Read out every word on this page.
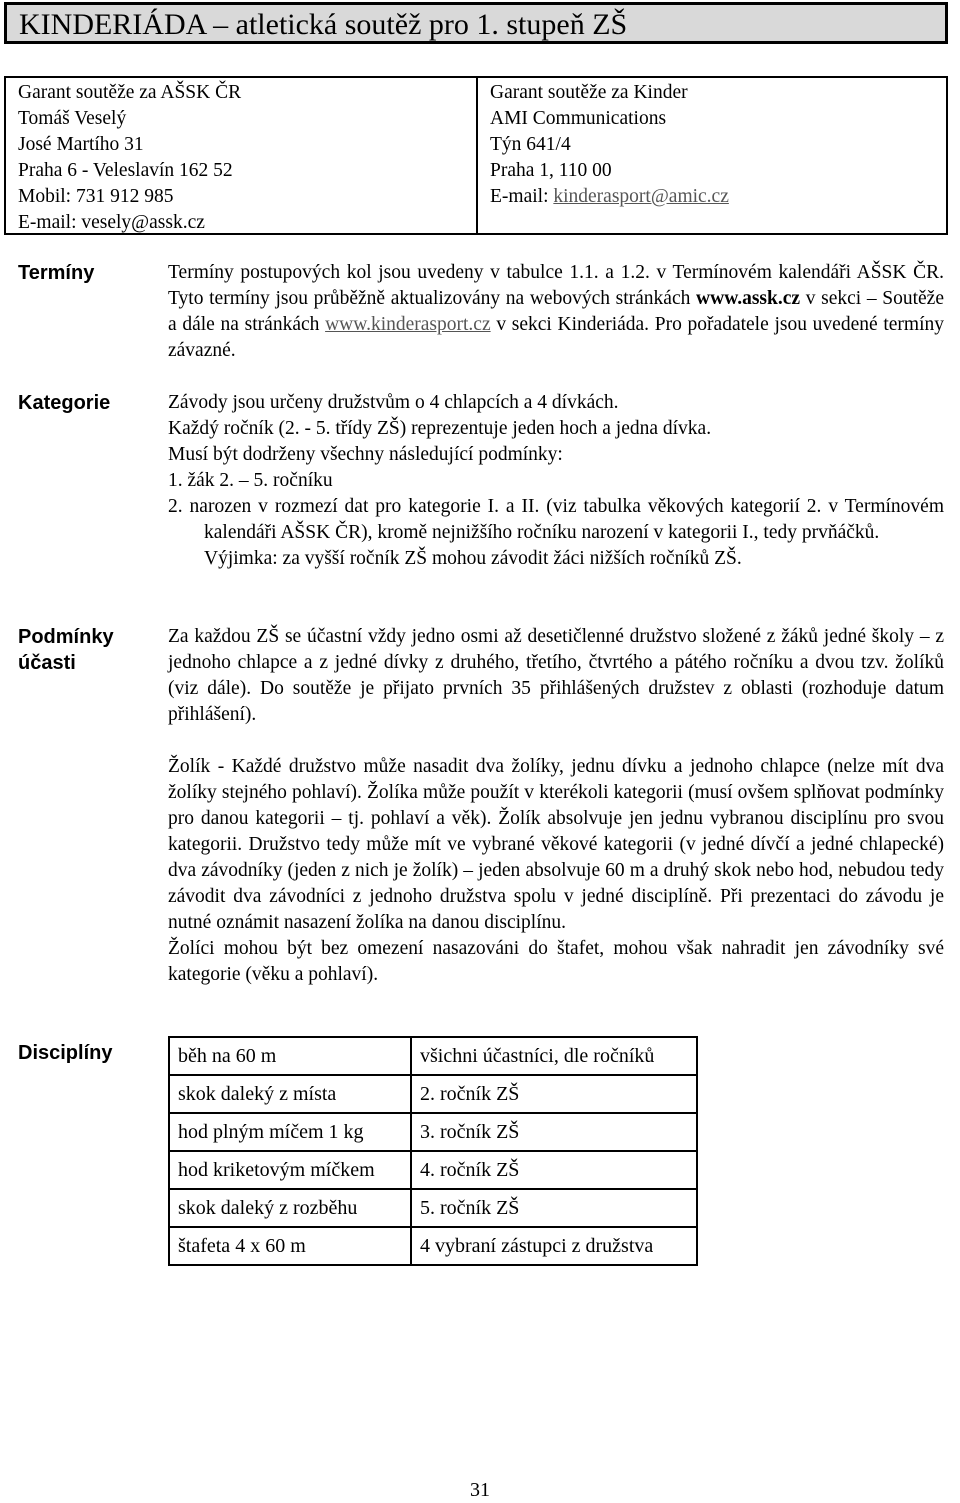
KINDERIÁDA – atletická soutěž pro 1. stupeň ZŠ
Garant soutěže za AŠSK ČR
Tomáš Veselý
José Martího 31
Praha 6 - Veleslavín 162 52
Mobil: 731 912 985
E-mail: vesely@assk.cz
Garant soutěže za Kinder
AMI Communications
Týn 641/4
Praha 1, 110 00
E-mail: kinderasport@amic.cz
Termíny	Termíny postupových kol jsou uvedeny v tabulce 1.1. a 1.2. v Termínovém kalendáři AŠSK ČR. Tyto termíny jsou průběžně aktualizovány na webových stránkách www.assk.cz v sekci – Soutěže a dále na stránkách www.kinderasport.cz v sekci Kinderiáda. Pro pořadatele jsou uvedené termíny závazné.

Kategorie	Závody jsou určeny družstvům o 4 chlapcích a 4 dívkách.
Každý ročník (2. - 5. třídy ZŠ) reprezentuje jeden hoch a jedna dívka.
Musí být dodrženy všechny následující podmínky:
1. žák 2. – 5. ročníku
2. narozen v rozmezí dat pro kategorie I. a II. (viz tabulka věkových kategorií 2. v Termínovém kalendáři AŠSK ČR), kromě nejnižšího ročníku narození v kategorii I., tedy prvňáčků.
Výjimka: za vyšší ročník ZŠ mohou závodit žáci nižších ročníků ZŠ.
Podmínky
účasti

Za každou ZŠ se účastní vždy jedno osmi až desetičlenné družstvo složené z žáků jedné školy – z jednoho chlapce a z jedné dívky z druhého, třetího, čtvrtého a pátého ročníku a dvou tzv. žolíků (viz dále). Do soutěže je přijato prvních 35 přihlášených družstev z oblasti (rozhoduje datum přihlášení).

Žolík - Každé družstvo může nasadit dva žolíky, jednu dívku a jednoho chlapce (nelze mít dva žolíky stejného pohlaví). Žolíka může použít v kterékoli kategorii (musí ovšem splňovat podmínky pro danou kategorii – tj. pohlaví a věk). Žolík absolvuje jen jednu vybranou disciplínu pro svou kategorii. Družstvo tedy může mít ve vybrané věkové kategorii (v jedné dívčí a jedné chlapecké) dva závodníky (jeden z nich je žolík) – jeden absolvuje 60 m a druhý skok nebo hod, nebudou tedy závodit dva závodníci z jednoho družstva spolu v jedné disciplíně. Při prezentaci do závodu je nutné oznámit nasazení žolíka na danou disciplínu.

Žolíci mohou být bez omezení nasazováni do štafet, mohou však nahradit jen závodníky své kategorie (věku a pohlaví).

Disciplíny	běh na 60 m	všichni účastníci, dle ročníků
skok daleký z místa	2. ročník ZŠ
hod plným míčem 1 kg	3. ročník ZŠ
hod kriketovým míčkem	4. ročník ZŠ
skok daleký z rozběhu	5. ročník ZŠ
štafeta 4 x 60 m	4 vybraní zástupci z družstva
31
